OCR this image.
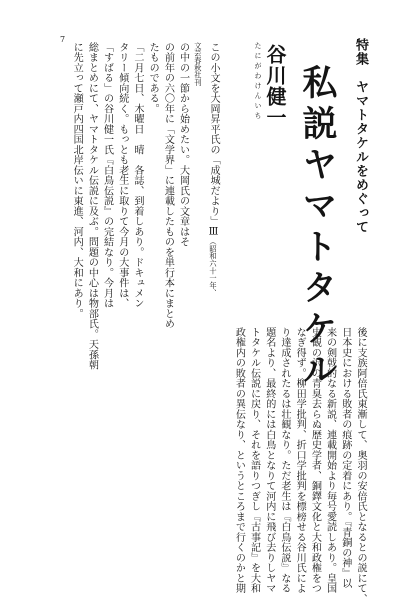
7	特集　ヤマトタケルをめぐって
私説ヤマトタケル
たにがわけんいち 谷川健一
この小文を大岡昇平氏の「成城だより」Ⅲ（昭和六十一年、
文芸春秋社刊
の中の一節から始めたい。大岡氏の文章はそ
の前年の六〇年に「文学界」に連載したものを単行本にまとめ
たものである。
「二月七日、木曜日　晴　各誌、到着しあり。ドキュメン
タリー傾向続く。もっとも老生に取りて今月の大事件は、
「すばる」の谷川健一氏『白鳥伝説』の完結なり。今月は
総まとめにて、ヤマトタケル伝説に及ぶ。問題の中心は物部氏。天孫朝
に先立って瀬戸内四国北岸伝いに東進、河内、大和にあり。
後に支族阿倍氏東漸して、奥羽の安倍氏となるとの説にて、
日本史における敗者の痕跡の定着にあり。『青銅の神』以
来の剣戟的なる新説、連載開始より毎号愛読しあり。皇国
史観の沢の青臭去らぬ歴史学者、銅鐸文化と大和政権をつ
なぎ得ず。柳田学批判、折口学批判を標榜せる谷川氏によ
り達成されたるは壮観なり。ただ老生は『白鳥伝説』なる
題名より、最終的には白鳥となりて河内に飛び去りしヤマ
トタケル伝説に戻り、それを語りつぎし『古事記』を大和
政権内の敗者の異伝なり、というところまで行くのかと期
